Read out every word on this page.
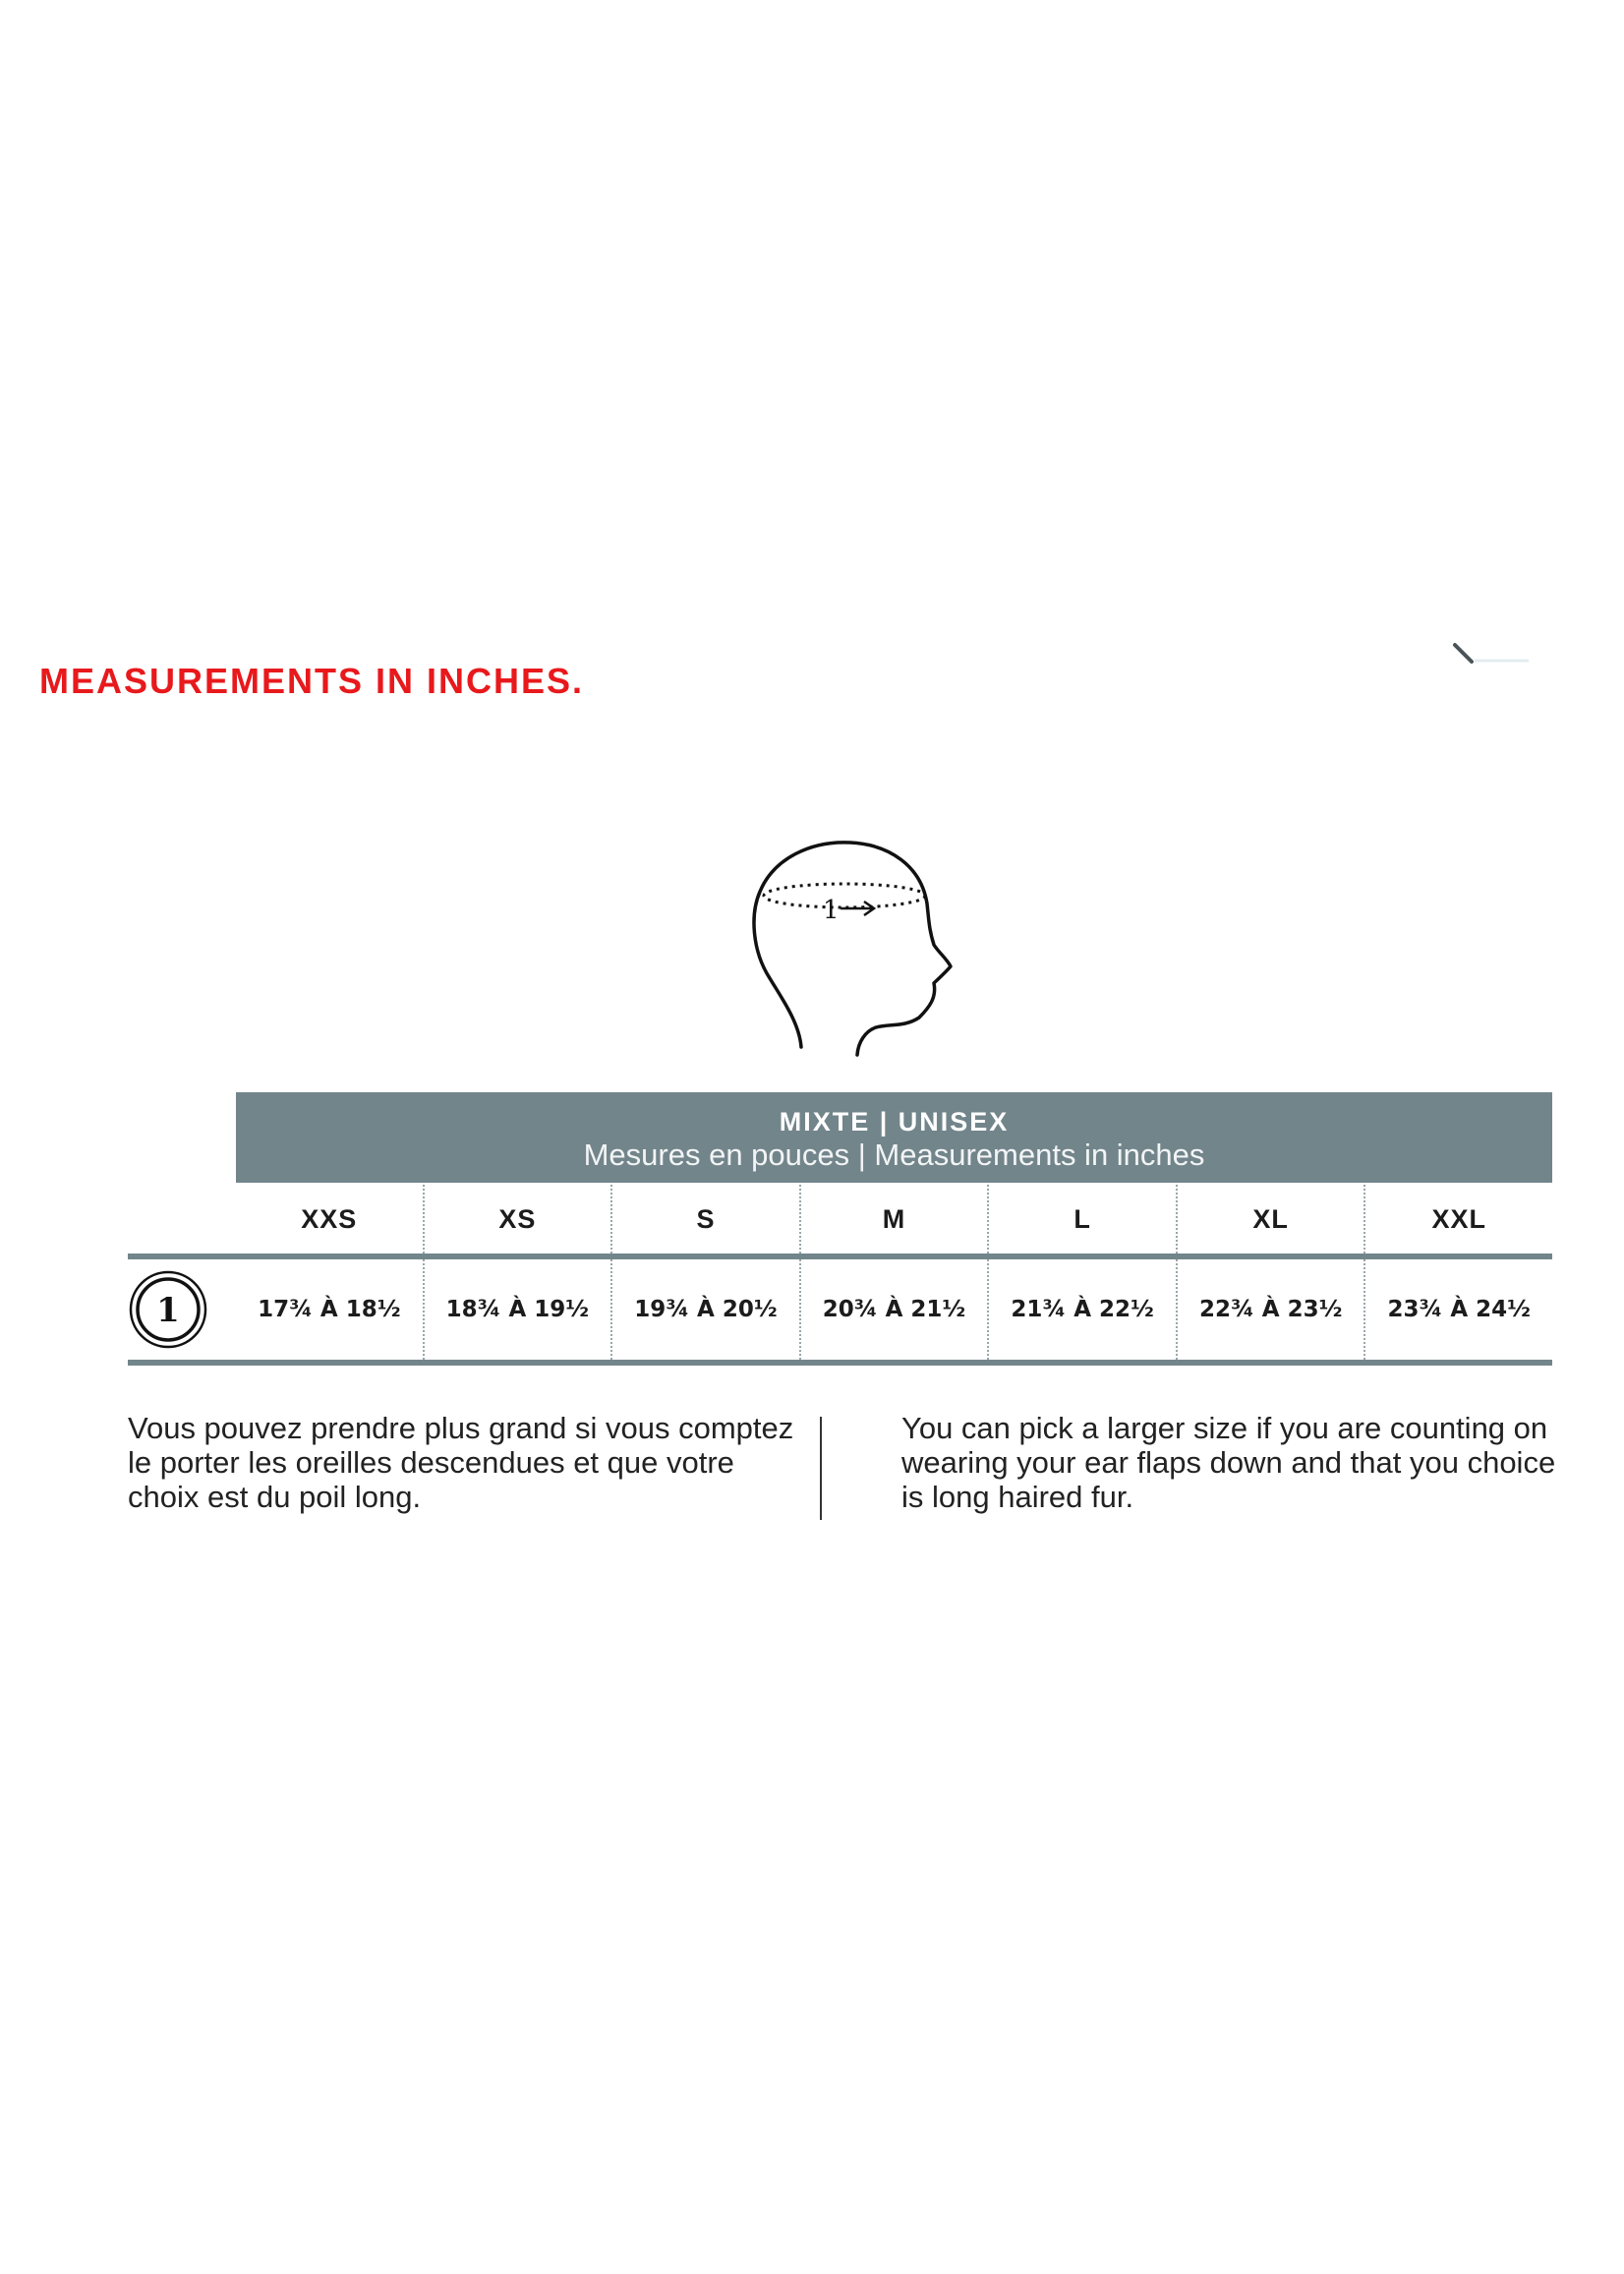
MEASUREMENTS IN INCHES.
1
MIXTE | UNISEX
Mesures en pouces | Measurements in inches
XXS	XS	S	M	L	XL	XXL
1	17¾ À 18½	18¾ À 19½	19¾ À 20½	20¾ À 21½	21¾ À 22½	22¾ À 23½	23¾ À 24½

Vous pouvez prendre plus grand si vous comptez le porter les oreilles descendues et que votre choix est du poil long.

You can pick a larger size if you are counting on wearing your ear flaps down and that you choice is long haired fur.
